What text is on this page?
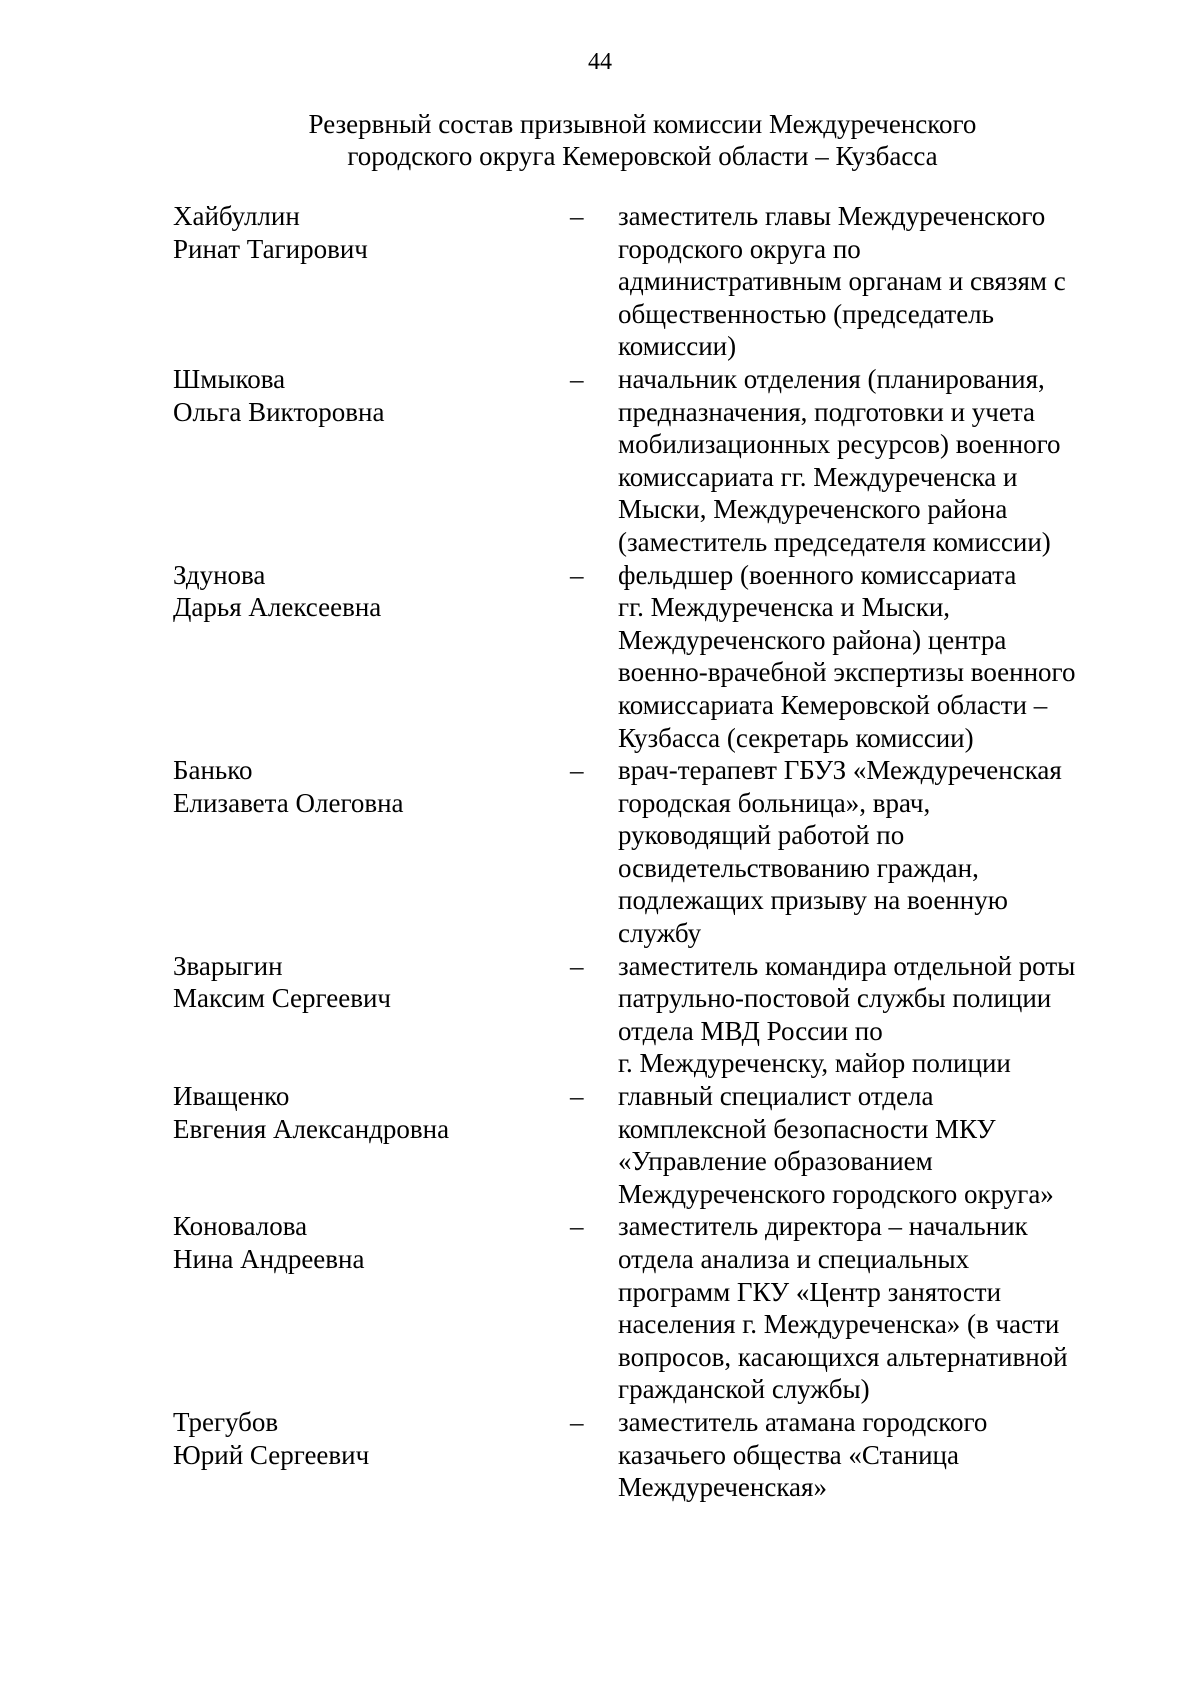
44
Резервный состав призывной комиссии Междуреченского
городского округа Кемеровской области – Кузбасса
Хайбуллин
Ринат Тагирович
–	заместитель главы Междуреченского
городского округа по
административным органам и связям с
общественностью (председатель
комиссии)
Шмыкова
Ольга Викторовна
–	начальник отделения (планирования,
предназначения, подготовки и учета
мобилизационных ресурсов) военного
комиссариата гг. Междуреченска и
Мыски, Междуреченского района
(заместитель председателя комиссии)
Здунова
Дарья Алексеевна
–	фельдшер (военного комиссариата
гг. Междуреченска и Мыски,
Междуреченского района) центра
военно-врачебной экспертизы военного
комиссариата Кемеровской области –
Кузбасса (секретарь комиссии)
Банько
Елизавета Олеговна
–	врач-терапевт ГБУЗ «Междуреченская
городская больница», врач,
руководящий работой по
освидетельствованию граждан,
подлежащих призыву на военную
службу
Зварыгин
Максим Сергеевич
–	заместитель командира отдельной роты
патрульно-постовой службы полиции
отдела МВД России по
г. Междуреченску, майор полиции
Иващенко
Евгения Александровна
–	главный специалист отдела
комплексной безопасности МКУ
«Управление образованием
Междуреченского городского округа»
Коновалова
Нина Андреевна
–	заместитель директора – начальник
отдела анализа и специальных
программ ГКУ «Центр занятости
населения г. Междуреченска» (в части
вопросов, касающихся альтернативной
гражданской службы)
Трегубов
Юрий Сергеевич
–	заместитель атамана городского
казачьего общества «Станица
Междуреченская»
